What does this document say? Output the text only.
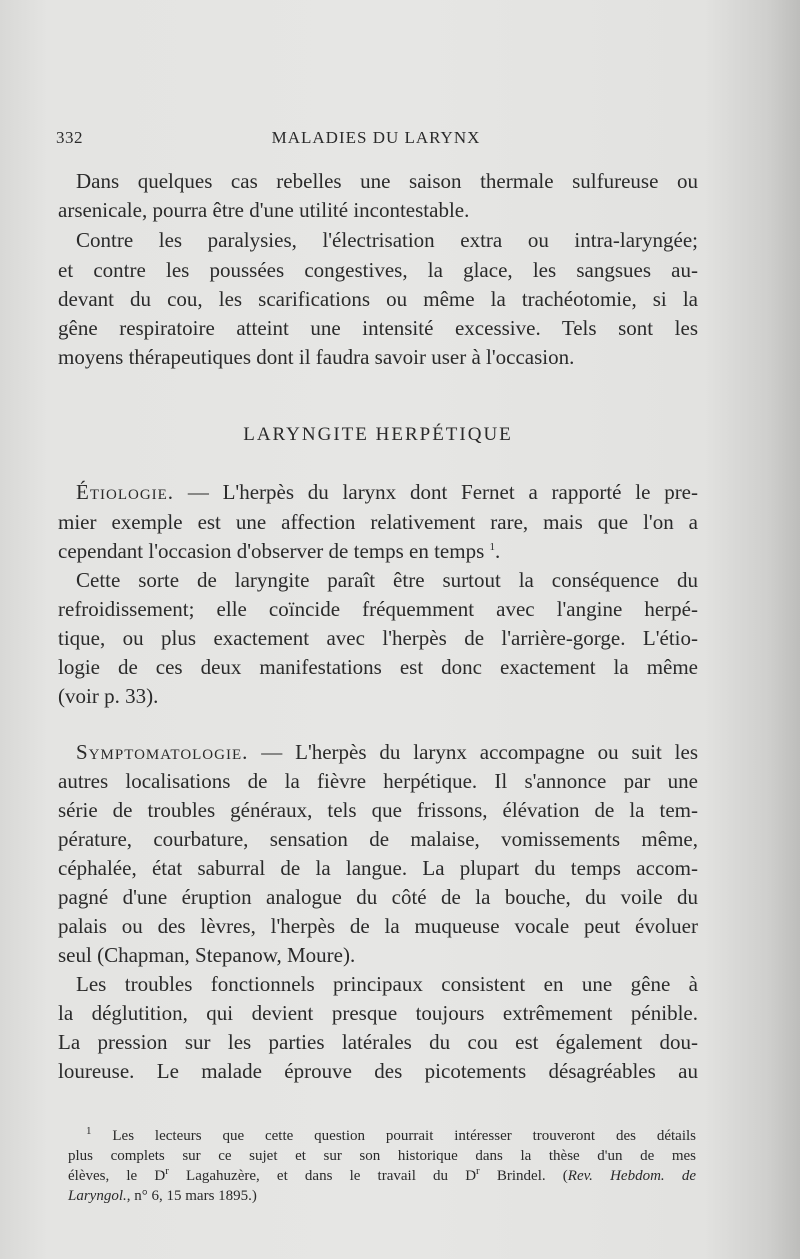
332	MALADIES DU LARYNX
Dans quelques cas rebelles une saison thermale sulfureuse ou
arsenicale, pourra être d'une utilité incontestable.
Contre les paralysies, l'électrisation extra ou intra-laryngée;
et contre les poussées congestives, la glace, les sangsues au-
devant du cou, les scarifications ou même la trachéotomie, si la
gêne respiratoire atteint une intensité excessive. Tels sont les
moyens thérapeutiques dont il faudra savoir user à l'occasion.
LARYNGITE HERPÉTIQUE
Étiologie. — L'herpès du larynx dont Fernet a rapporté le pre-
mier exemple est une affection relativement rare, mais que l'on a
cependant l'occasion d'observer de temps en temps $^1$.
Cette sorte de laryngite paraît être surtout la conséquence du
refroidissement; elle coïncide fréquemment avec l'angine herpé-
tique, ou plus exactement avec l'herpès de l'arrière-gorge. L'étio-
logie de ces deux manifestations est donc exactement la même
(voir p. 33).
Symptomatologie. — L'herpès du larynx accompagne ou suit les
autres localisations de la fièvre herpétique. Il s'annonce par une
série de troubles généraux, tels que frissons, élévation de la tem-
pérature, courbature, sensation de malaise, vomissements même,
céphalée, état saburral de la langue. La plupart du temps accom-
pagné d'une éruption analogue du côté de la bouche, du voile du
palais ou des lèvres, l'herpès de la muqueuse vocale peut évoluer
seul (Chapman, Stepanow, Moure).
Les troubles fonctionnels principaux consistent en une gêne à
la déglutition, qui devient presque toujours extrêmement pénible.
La pression sur les parties latérales du cou est également dou-
loureuse. Le malade éprouve des picotements désagréables au
$^1$ Les lecteurs que cette question pourrait intéresser trouveront des détails
plus complets sur ce sujet et sur son historique dans la thèse d'un de mes
élèves, le $D^r$ Lagahuzère, et dans le travail du $D^r$ Brindel. (Rev. Hebdom. de
Laryngol., n° 6, 15 mars 1895.)
